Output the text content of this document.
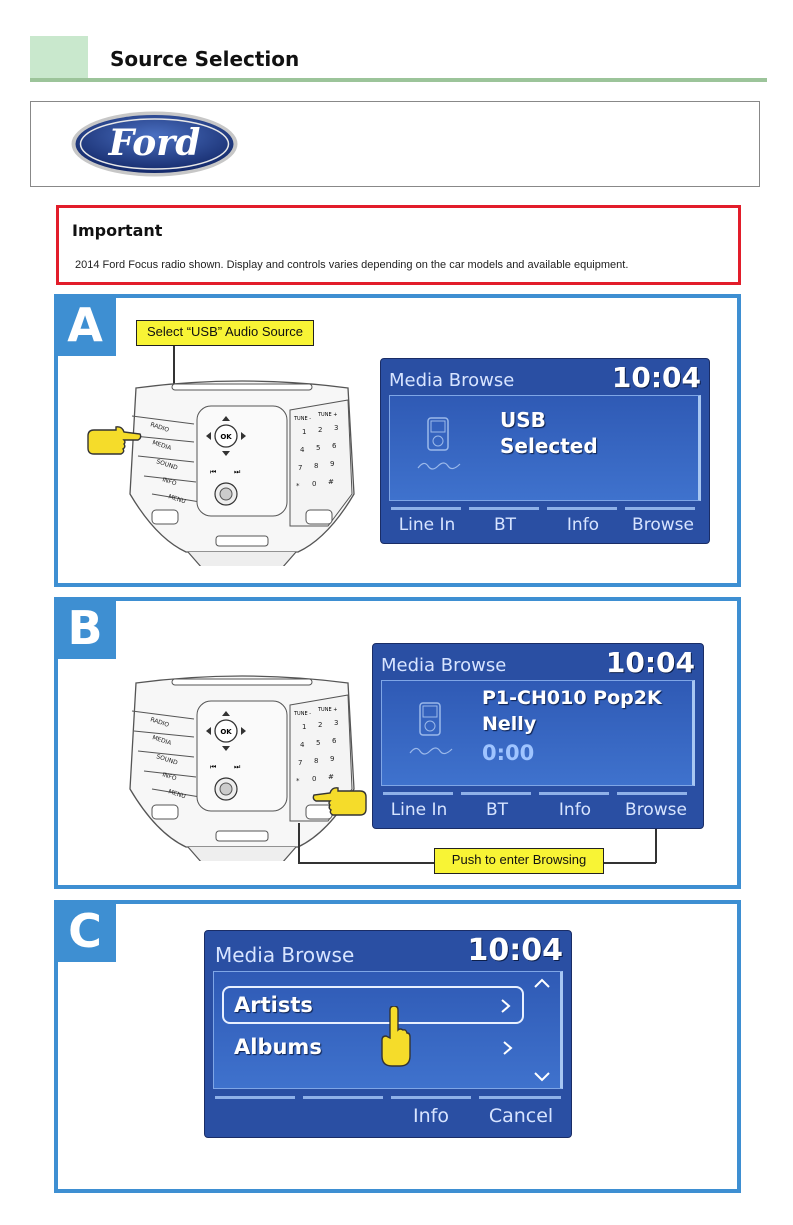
Source Selection
Ford
Important
2014 Ford Focus radio shown. Display and controls varies depending on the car models and available equipment.
A	Select “USB” Audio Source
RADIO
MEDIA
SOUND
INFO
MENU
OK
⏮	⏭
TUNE -
TUNE +
1 2 3
4 5 6
7 8 9
* 0 #
Media Browse	10:04
USB
Selected
Line In	BT	Info	Browse
B
RADIO
MEDIA
SOUND
INFO
MENU
OK
⏮	⏭
TUNE -
TUNE +
1 2 3
4 5 6
7 8 9
* 0 #
Push to enter Browsing
Media Browse	10:04
P1-CH010 Pop2K
Nelly
0:00
Line In	BT	Info	Browse
C	Media Browse	10:04
Artists
Albums
Info	Cancel
